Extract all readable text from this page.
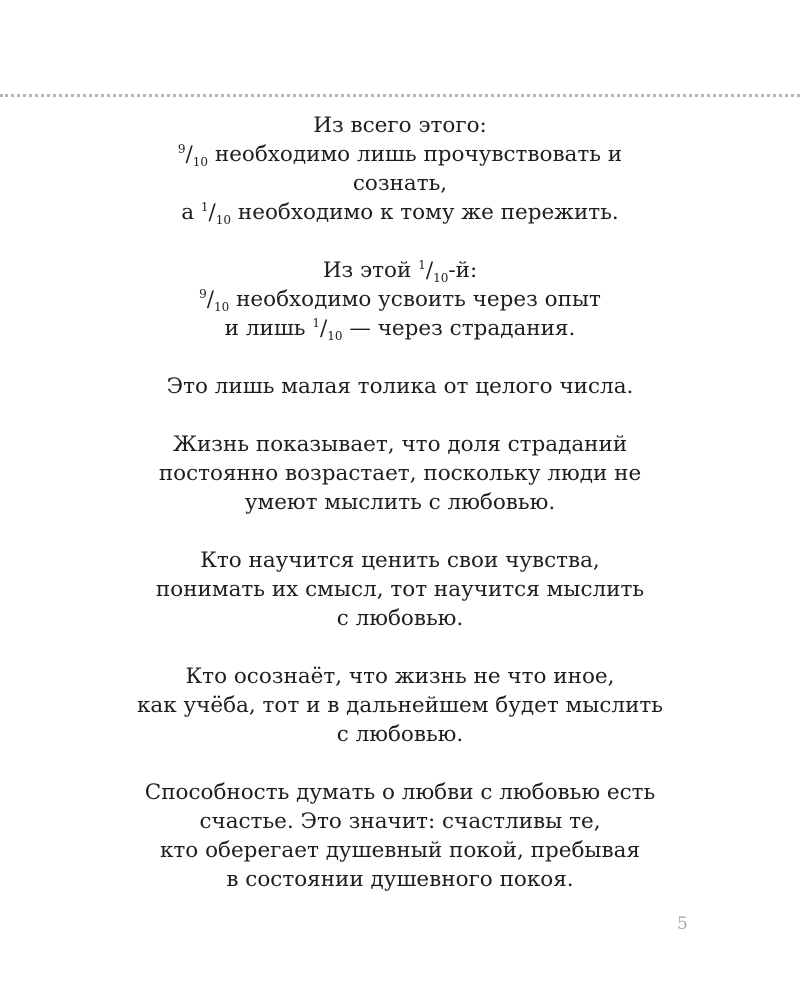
Из всего этого:
$^9/_{10}$ необходимо лишь прочувствовать и
сознать,
а $^1/_{10}$ необходимо к тому же пережить.
Из этой $^1/_{10}-й$:
$^9/_{10}$ необходимо усвоить через опыт
и лишь $^1/_{10}$ — через страдания.
Это лишь малая толика от целого числа.
Жизнь показывает, что доля страданий
постоянно возрастает, поскольку люди не
умеют мыслить с любовью.
Кто научится ценить свои чувства,
понимать их смысл, тот научится мыслить
с любовью.
Кто осознаёт, что жизнь не что иное,
как учёба, тот и в дальнейшем будет мыслить
с любовью.
Способность думать о любви с любовью есть
счастье. Это значит: счастливы те,
кто оберегает душевный покой, пребывая
в состоянии душевного покоя.
5
